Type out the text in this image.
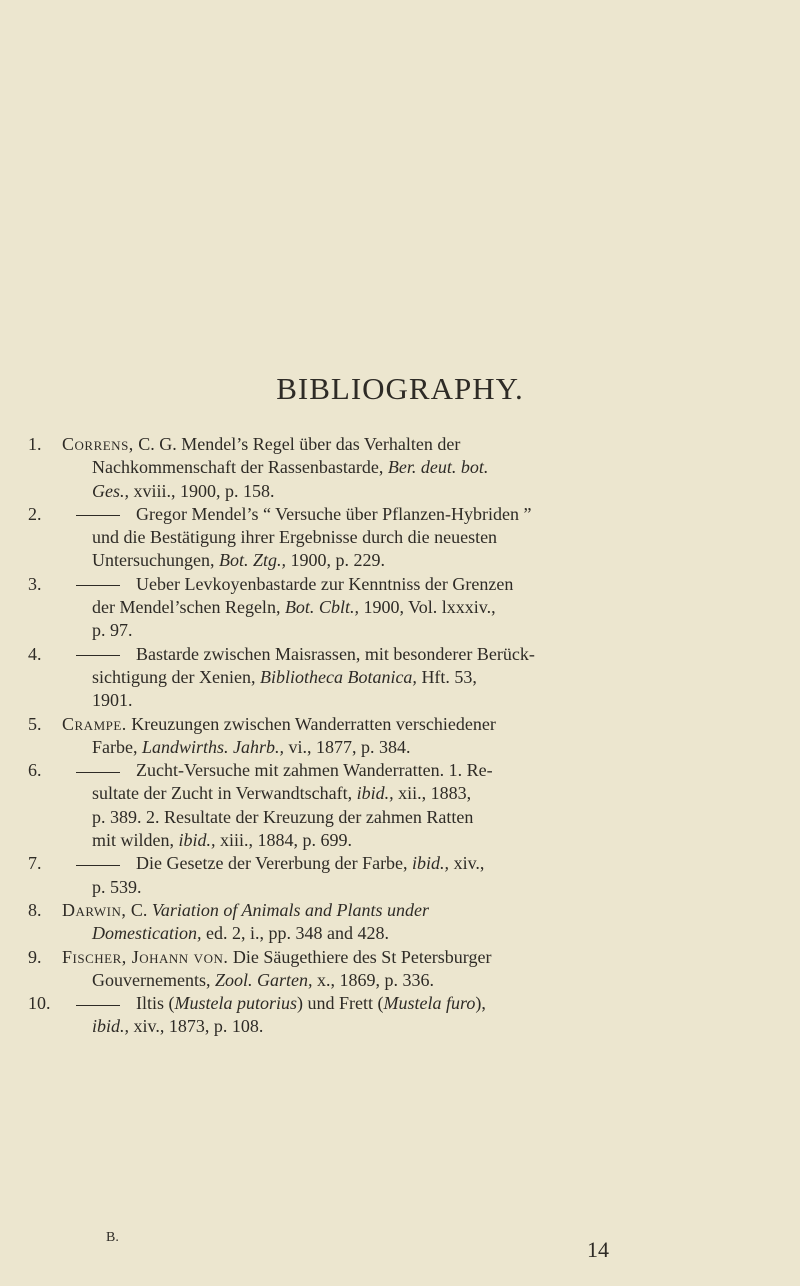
BIBLIOGRAPHY.
1. Correns, C. G. Mendel’s Regel über das Verhalten der
Nachkommenschaft der Rassenbastarde, Ber. deut. bot.
Ges., xviii., 1900, p. 158.
2.	Gregor Mendel’s “ Versuche über Pflanzen-Hybriden ”
und die Bestätigung ihrer Ergebnisse durch die neuesten
Untersuchungen, Bot. Ztg., 1900, p. 229.
3.	Ueber Levkoyenbastarde zur Kenntniss der Grenzen
der Mendel’schen Regeln, Bot. Cblt., 1900, Vol. lxxxiv.,
p. 97.
4.	Bastarde zwischen Maisrassen, mit besonderer Berück-
sichtigung der Xenien, Bibliotheca Botanica, Hft. 53,
1901.
5. Crampe. Kreuzungen zwischen Wanderratten verschiedener
Farbe, Landwirths. Jahrb., vi., 1877, p. 384.
6.	Zucht-Versuche mit zahmen Wanderratten. 1. Re-
sultate der Zucht in Verwandtschaft, ibid., xii., 1883,
p. 389. 2. Resultate der Kreuzung der zahmen Ratten
mit wilden, ibid., xiii., 1884, p. 699.
7.	Die Gesetze der Vererbung der Farbe, ibid., xiv.,
p. 539.
8. Darwin, C. Variation of Animals and Plants under
Domestication, ed. 2, i., pp. 348 and 428.
9. Fischer, Johann von. Die Säugethiere des St Petersburger
Gouvernements, Zool. Garten, x., 1869, p. 336.
10.	Iltis (Mustela putorius) und Frett (Mustela furo),
ibid., xiv., 1873, p. 108.
B.	14
